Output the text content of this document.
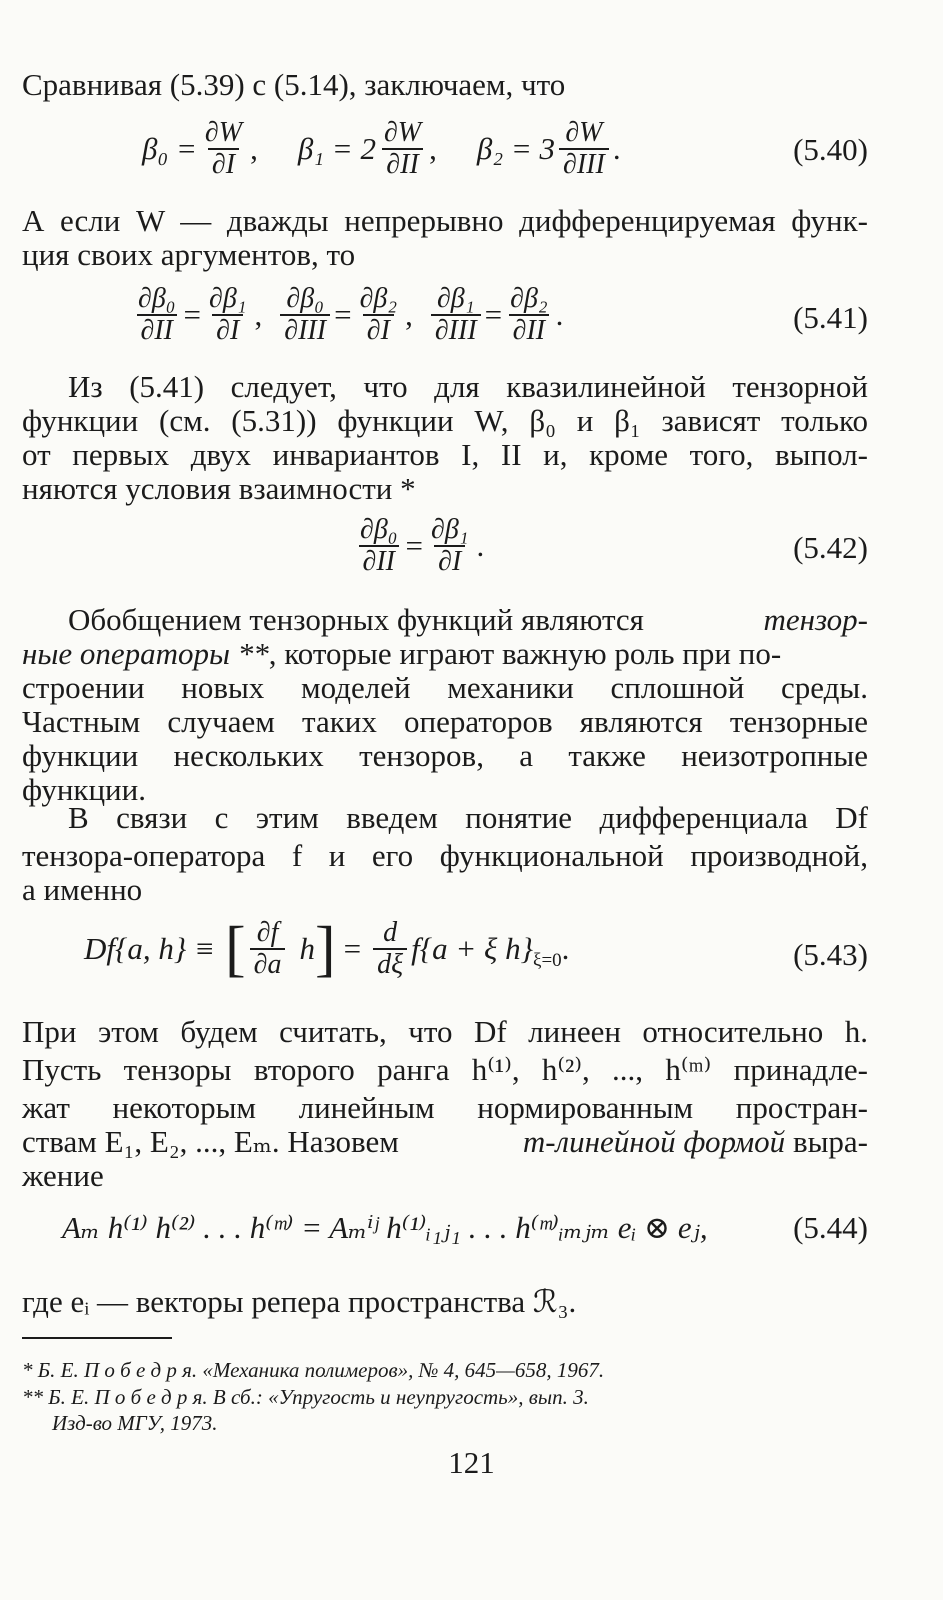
Сравнивая (5.39) с (5.14), заключаем, что
$\beta_0 = \frac{\partial W}{\partial I}$ , $\beta_1 = 2 \frac{\partial W}{\partial II}$ , $\beta_2 = 3 \frac{\partial W}{\text{∂III}}$ .	(5.40)
А если W — дважды непрерывно дифференцируемая функ-
ция своих аргументов, то
$\frac{\text{∂β₀}}{\partial II} = \frac{\text{∂β₁}}{\partial I}$ , $\frac{\text{∂β₀}}{\text{∂III}} = \frac{\text{∂β₂}}{\partial I}$ , $\frac{\text{∂β₁}}{\text{∂III}} = \frac{\text{∂β₂}}{\partial II}$ .	(5.41)
Из (5.41) следует, что для квазилинейной тензорной
функции (см. (5.31)) функции W, β₀ и β₁ зависят только
от первых двух инвариантов I, II и, кроме того, выпол-
няются условия взаимности *
$\frac{\text{∂β₀}}{\partial II} = \frac{\text{∂β₁}}{\partial I}$ .	(5.42)
Обобщением тензорных функций являются	тензор-
ные операторы **, которые играют важную роль при по-
строении новых моделей механики сплошной среды.
Частным случаем таких операторов являются тензорные
функции нескольких тензоров, а также неизотропные
функции.
В связи с этим введем понятие дифференциала Df
тензора-оператора f и его функциональной производной,
а именно
Df{a, h} ≡ [ $\frac{\partial f}{\partial a}$ h ] = $\frac{d}{d\xi} f\{a + \xi$ h} ξ=0 .	(5.43)
При этом будем считать, что Df линеен относительно h.
Пусть тензоры второго ранга h⁽¹⁾, h⁽²⁾, ..., h⁽ᵐ⁾ принадле-
жат некоторым линейным нормированным простран-
ствам E₁, E₂, ..., Eₘ. Назовем	m-линейной формой выра-
жение
Aₘ h⁽¹⁾ h⁽²⁾ . . . h⁽ᵐ⁾ = Aₘⁱʲ h⁽¹⁾ᵢ₁ⱼ₁ . . . h⁽ᵐ⁾ᵢₘⱼₘ eᵢ ⊗ eⱼ,	(5.44)
где eᵢ — векторы репера пространства ℛ₃.
* Б. Е. П о б е д р я. «Механика полимеров», № 4, 645—658, 1967.
** Б. Е. П о б е д р я. В сб.: «Упругость и неупругость», вып. 3.
Изд-во МГУ, 1973.
121
